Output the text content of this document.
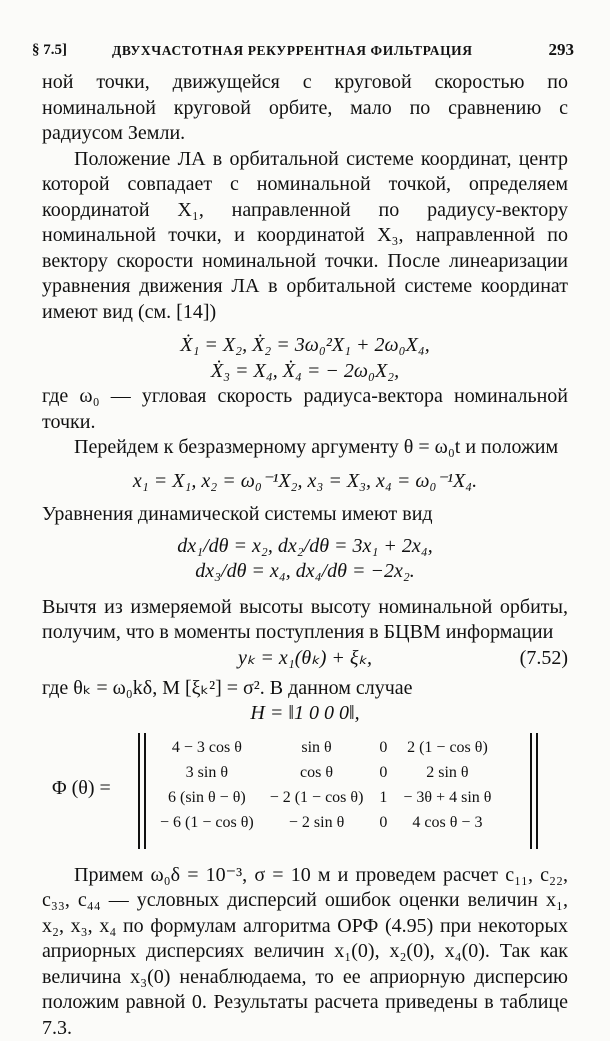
§ 7.5]	ДВУХЧАСТОТНАЯ РЕКУРРЕНТНАЯ ФИЛЬТРАЦИЯ	293

ной точки, движущейся с круговой скоростью по номинальной круговой орбите, мало по сравнению с радиусом Земли.

Положение ЛА в орбитальной системе координат, центр которой совпадает с номинальной точкой, определяем координатой X₁, направленной по радиусу-вектору номинальной точки, и координатой X₃, направленной по вектору скорости номинальной точки. После линеаризации уравнения движения ЛА в орбитальной системе координат имеют вид (см. [14])

Ẋ₁ = X₂, Ẋ₂ = 3ω₀²X₁ + 2ω₀X₄,

Ẋ₃ = X₄, Ẋ₄ = − 2ω₀X₂,

где ω₀ — угловая скорость радиуса-вектора номинальной точки.

Перейдем к безразмерному аргументу θ = ω₀t и положим

x₁ = X₁, x₂ = ω₀⁻¹X₂, x₃ = X₃, x₄ = ω₀⁻¹X₄.

Уравнения динамической системы имеют вид

dx₁/dθ = x₂, dx₂/dθ = 3x₁ + 2x₄,

dx₃/dθ = x₄, dx₄/dθ = −2x₂.

Вычтя из измеряемой высоты высоту номинальной орбиты, получим, что в моменты поступления в БЦВМ информации

yₖ = x₁(θₖ) + ξₖ,	(7.52)

где θₖ = ω₀kδ, M [ξₖ²] = σ². В данном случае

H = ‖1 0 0 0‖,

Φ (θ) =
4 − 3 cos θ	sin θ	0	2 (1 − cos θ)
3 sin θ	cos θ	0	2 sin θ
6 (sin θ − θ)	− 2 (1 − cos θ)	1	− 3θ + 4 sin θ
− 6 (1 − cos θ)	− 2 sin θ	0	4 cos θ − 3

Примем ω₀δ = 10⁻³, σ = 10 м и проведем расчет c₁₁, c₂₂, c₃₃, c₄₄ — условных дисперсий ошибок оценки величин x₁, x₂, x₃, x₄ по формулам алгоритма ОРФ (4.95) при некоторых априорных дисперсиях величин x₁(0), x₂(0), x₄(0). Так как величина x₃(0) ненаблюдаема, то ее априорную дисперсию положим равной 0. Результаты расчета приведены в таблице 7.3.
